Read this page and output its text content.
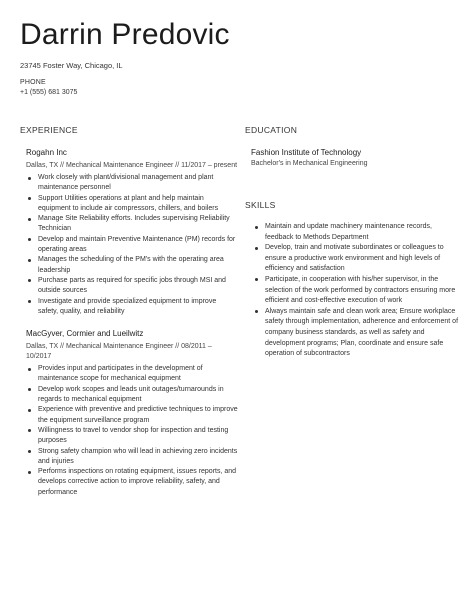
Darrin Predovic
23745 Foster Way, Chicago, IL
PHONE
+1 (555) 681 3075
EXPERIENCE	EDUCATION
SKILLS
Rogahn Inc
Dallas, TX // Mechanical Maintenance Engineer // 11/2017 – present
Work closely with plant/divisional management and plant maintenance personnel
Support Utilities operations at plant and help maintain equipment to include air compressors, chillers, and boilers
Manage Site Reliability efforts. Includes supervising Reliability Technician
Develop and maintain Preventive Maintenance (PM) records for operating areas
Manages the scheduling of the PM's with the operating area leadership
Purchase parts as required for specific jobs through MSI and outside sources
Investigate and provide specialized equipment to improve safety, quality, and reliability
MacGyver, Cormier and Lueilwitz
Dallas, TX // Mechanical Maintenance Engineer // 08/2011 – 10/2017
Provides input and participates in the development of maintenance scope for mechanical equipment
Develop work scopes and leads unit outages/turnarounds in regards to mechanical equipment
Experience with preventive and predictive techniques to improve the equipment surveillance program
Willingness to travel to vendor shop for inspection and testing purposes
Strong safety champion who will lead in achieving zero incidents and injuries
Performs inspections on rotating equipment, issues reports, and develops corrective action to improve reliability, safety, and performance
Fashion Institute of Technology
Bachelor's in Mechanical Engineering
Maintain and update machinery maintenance records, feedback to Methods Department
Develop, train and motivate subordinates or colleagues to ensure a productive work environment and high levels of efficiency and satisfaction
Participate, in cooperation with his/her supervisor, in the selection of the work performed by contractors ensuring more efficient and cost-effective execution of work
Always maintain safe and clean work area; Ensure workplace safety through implementation, adherence and enforcement of company business standards, as well as safety and development programs; Plan, coordinate and ensure safe operation of subcontractors
